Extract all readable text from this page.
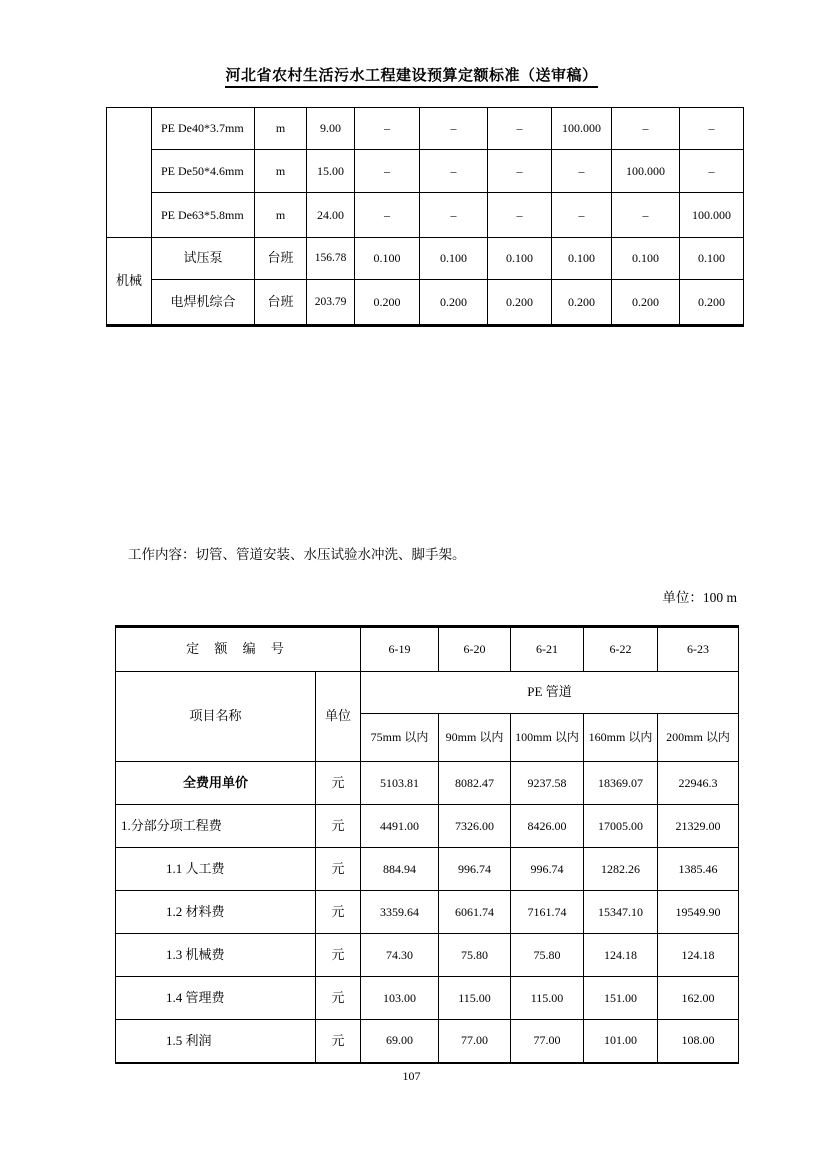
河北省农村生活污水工程建设预算定额标准（送审稿）
	PE De40*3.7mm	m	9.00	–	–	–	100.000	–	–
	PE De50*4.6mm	m	15.00	–	–	–	–	100.000	–
	PE De63*5.8mm	m	24.00	–	–	–	–	–	100.000
机械	试压泵	台班	156.78	0.100	0.100	0.100	0.100	0.100	0.100
	电焊机综合	台班	203.79	0.200	0.200	0.200	0.200	0.200	0.200
工作内容：切管、管道安装、水压试验水冲洗、脚手架。
单位：100 m
定 额 编 号		6-19	6-20	6-21	6-22	6-23
项目名称	单位	PE 管道				
		75mm 以内	90mm 以内	100mm 以内	160mm 以内	200mm 以内
全费用单价	元	5103.81	8082.47	9237.58	18369.07	22946.3
1.分部分项工程费	元	4491.00	7326.00	8426.00	17005.00	21329.00
1.1 人工费	元	884.94	996.74	996.74	1282.26	1385.46
1.2 材料费	元	3359.64	6061.74	7161.74	15347.10	19549.90
1.3 机械费	元	74.30	75.80	75.80	124.18	124.18
1.4 管理费	元	103.00	115.00	115.00	151.00	162.00
1.5 利润	元	69.00	77.00	77.00	101.00	108.00
107
